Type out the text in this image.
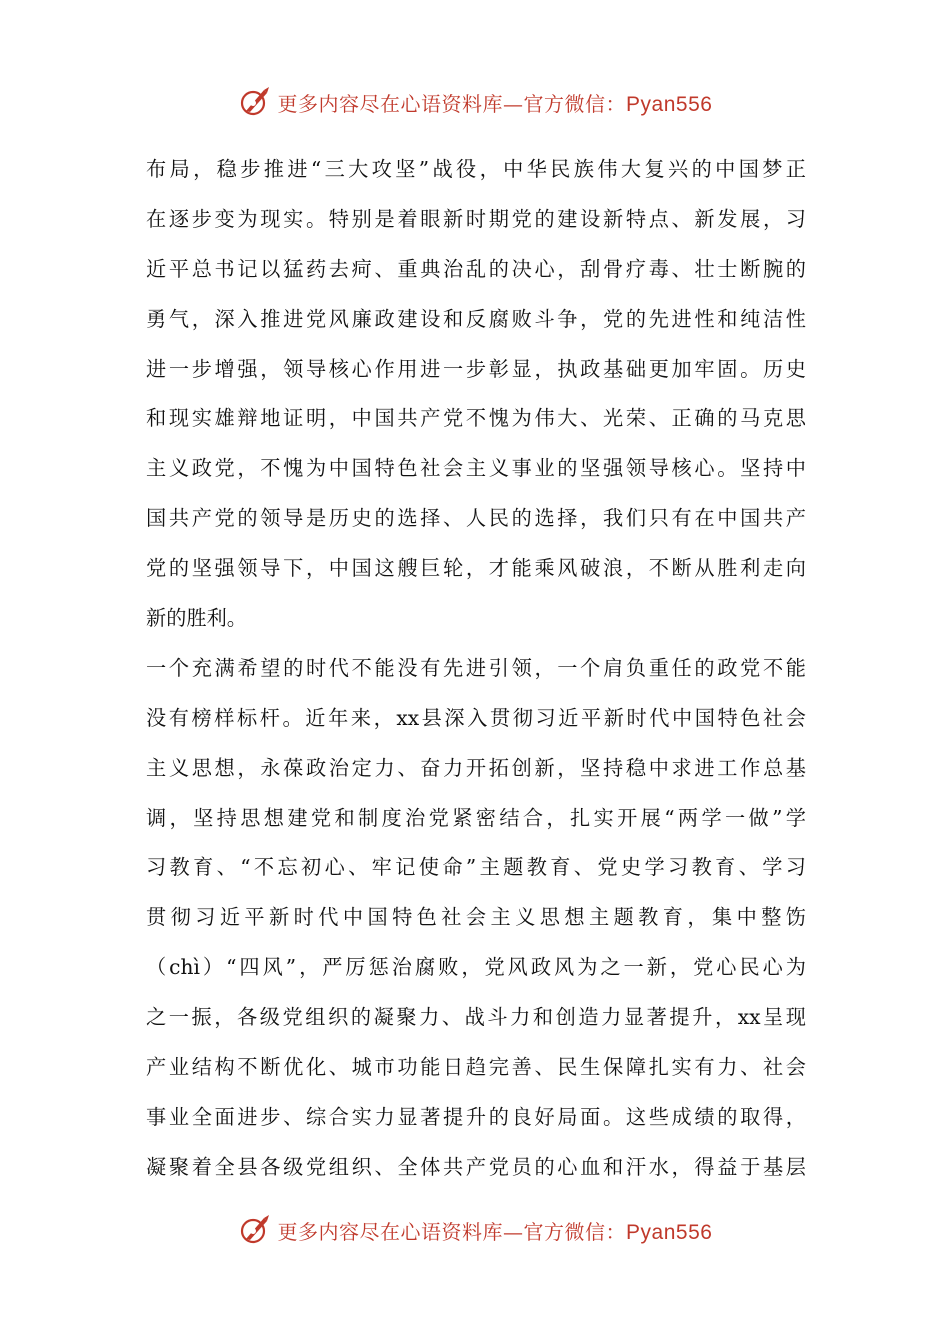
更多内容尽在心语资料库—官方微信：Pyan556
布局，稳步推进“三大攻坚”战役，中华民族伟大复兴的中国梦正
在逐步变为现实。特别是着眼新时期党的建设新特点、新发展，习
近平总书记以猛药去疴、重典治乱的决心，刮骨疗毒、壮士断腕的
勇气，深入推进党风廉政建设和反腐败斗争，党的先进性和纯洁性
进一步增强，领导核心作用进一步彰显，执政基础更加牢固。历史
和现实雄辩地证明，中国共产党不愧为伟大、光荣、正确的马克思
主义政党，不愧为中国特色社会主义事业的坚强领导核心。坚持中
国共产党的领导是历史的选择、人民的选择，我们只有在中国共产
党的坚强领导下，中国这艘巨轮，才能乘风破浪，不断从胜利走向
新的胜利。
一个充满希望的时代不能没有先进引领，一个肩负重任的政党不能
没有榜样标杆。近年来，xx县深入贯彻习近平新时代中国特色社会
主义思想，永葆政治定力、奋力开拓创新，坚持稳中求进工作总基
调，坚持思想建党和制度治党紧密结合，扎实开展“两学一做”学
习教育、“不忘初心、牢记使命”主题教育、党史学习教育、学习
贯彻习近平新时代中国特色社会主义思想主题教育，集中整饬
（chì）“四风”，严厉惩治腐败，党风政风为之一新，党心民心为
之一振，各级党组织的凝聚力、战斗力和创造力显著提升，xx呈现
产业结构不断优化、城市功能日趋完善、民生保障扎实有力、社会
事业全面进步、综合实力显著提升的良好局面。这些成绩的取得，
凝聚着全县各级党组织、全体共产党员的心血和汗水，得益于基层
更多内容尽在心语资料库—官方微信：Pyan556
